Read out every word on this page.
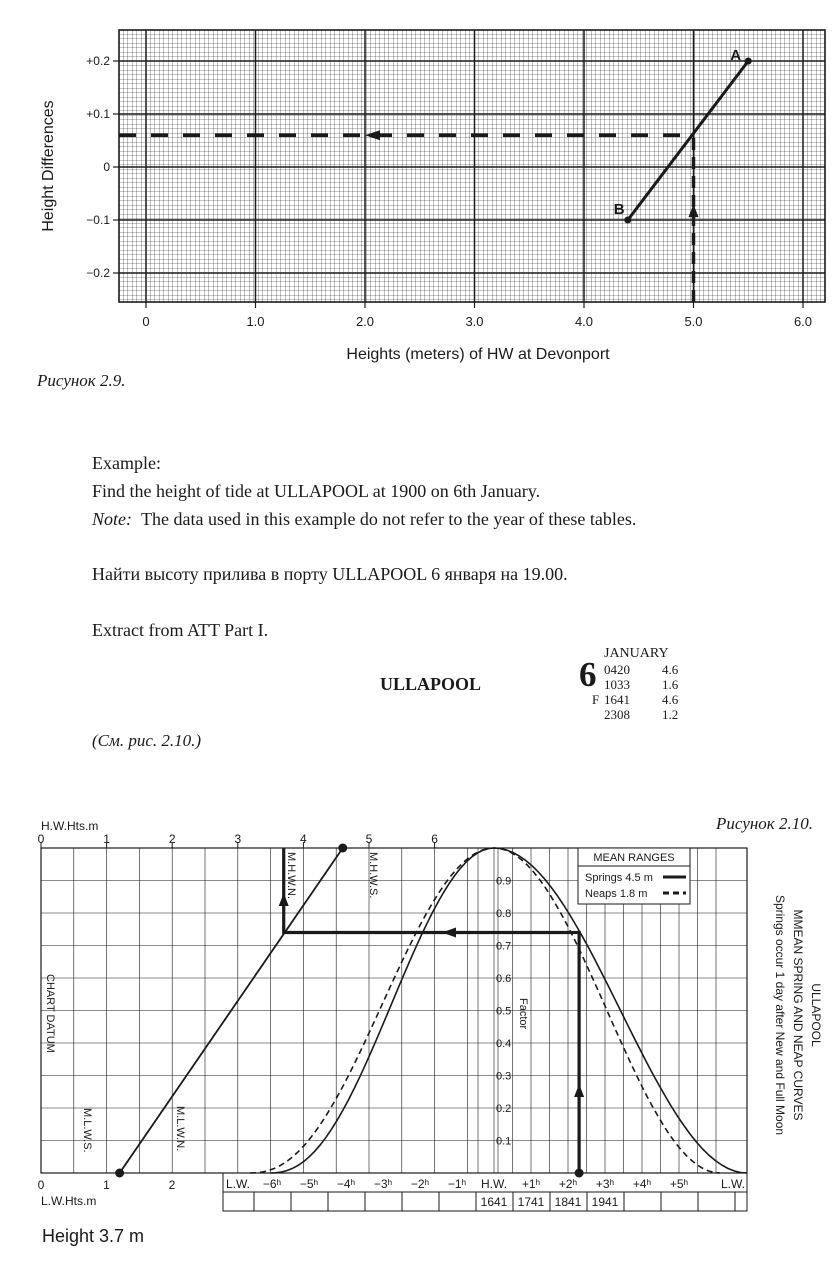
0	1.0	2.0	3.0	4.0	5.0	6.0
+0.2
+0.1
0
−0.1
−0.2
B
A
Heights (meters) of HW at Devonport
Height Differences
Рисунок 2.9.
Example:
Find the height of tide at ULLAPOOL at 1900 on 6th January.
Note: The data used in this example do not refer to the year of these tables.
Найти высоту прилива в порту ULLAPOOL 6 января на 19.00.
Extract from ATT Part I.
ULLAPOOL
JANUARY
6 0420 4.6
1033 1.6
F 1641 4.6
2308 1.2
(См. рис. 2.10.)
Рисунок 2.10.
0	1	2	3	4	5	6
0	1	2
0.1
0.2
0.3
0.4
0.5
0.6
0.7
0.8
0.9
Factor
M.H.W.N.	M.H.W.S.
M.L.W.S.	M.L.W.N.
CHART DATUM
L.W. −6ʰ −5ʰ −4ʰ −3ʰ −2ʰ −1ʰ H.W. +1ʰ +2ʰ +3ʰ +4ʰ +5ʰ	L.W.
1641 1741 1841 1941
H.W.Hts.m
L.W.Hts.m
MEAN RANGES
Springs 4.5 m
Neaps 1.8 m
ULLAPOOL
MMEAN SPRING AND NEAP CURVES
Springs occur 1 day after New and Full Moon
Height 3.7 m
